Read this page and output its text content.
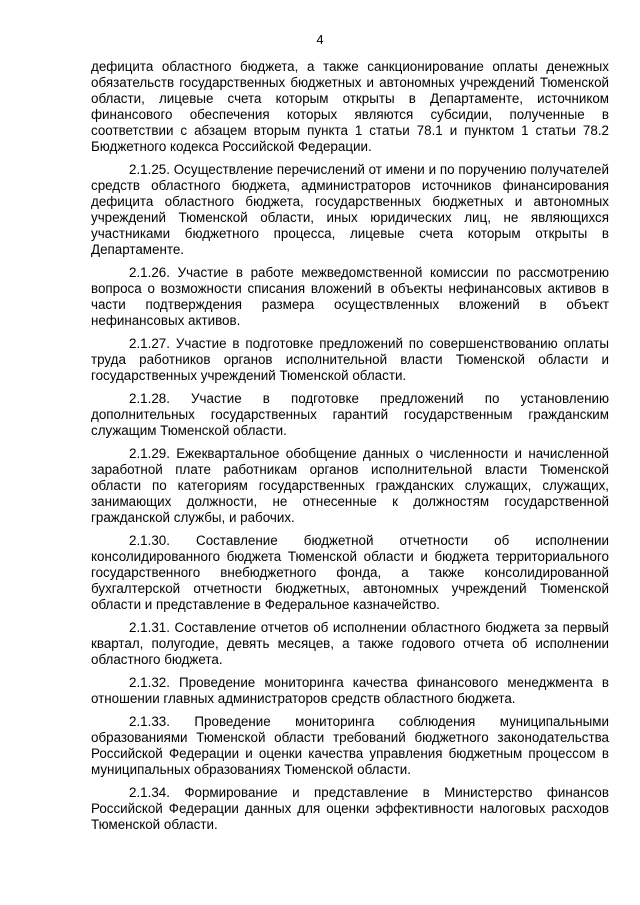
4

дефицита областного бюджета, а также санкционирование оплаты денежных обязательств государственных бюджетных и автономных учреждений Тюменской области, лицевые счета которым открыты в Департаменте, источником финансового обеспечения которых являются субсидии, полученные в соответствии с абзацем вторым пункта 1 статьи 78.1 и пунктом 1 статьи 78.2 Бюджетного кодекса Российской Федерации.

2.1.25. Осуществление перечислений от имени и по поручению получателей средств областного бюджета, администраторов источников финансирования дефицита областного бюджета, государственных бюджетных и автономных учреждений Тюменской области, иных юридических лиц, не являющихся участниками бюджетного процесса, лицевые счета которым открыты в Департаменте.

2.1.26. Участие в работе межведомственной комиссии по рассмотрению вопроса о возможности списания вложений в объекты нефинансовых активов в части подтверждения размера осуществленных вложений в объект нефинансовых активов.

2.1.27. Участие в подготовке предложений по совершенствованию оплаты труда работников органов исполнительной власти Тюменской области и государственных учреждений Тюменской области.

2.1.28. Участие в подготовке предложений по установлению дополнительных государственных гарантий государственным гражданским служащим Тюменской области.

2.1.29. Ежеквартальное обобщение данных о численности и начисленной заработной плате работникам органов исполнительной власти Тюменской области по категориям государственных гражданских служащих, служащих, занимающих должности, не отнесенные к должностям государственной гражданской службы, и рабочих.

2.1.30. Составление бюджетной отчетности об исполнении консолидированного бюджета Тюменской области и бюджета территориального государственного внебюджетного фонда, а также консолидированной бухгалтерской отчетности бюджетных, автономных учреждений Тюменской области и представление в Федеральное казначейство.

2.1.31. Составление отчетов об исполнении областного бюджета за первый квартал, полугодие, девять месяцев, а также годового отчета об исполнении областного бюджета.

2.1.32. Проведение мониторинга качества финансового менеджмента в отношении главных администраторов средств областного бюджета.

2.1.33. Проведение мониторинга соблюдения муниципальными образованиями Тюменской области требований бюджетного законодательства Российской Федерации и оценки качества управления бюджетным процессом в муниципальных образованиях Тюменской области.

2.1.34. Формирование и представление в Министерство финансов Российской Федерации данных для оценки эффективности налоговых расходов Тюменской области.
